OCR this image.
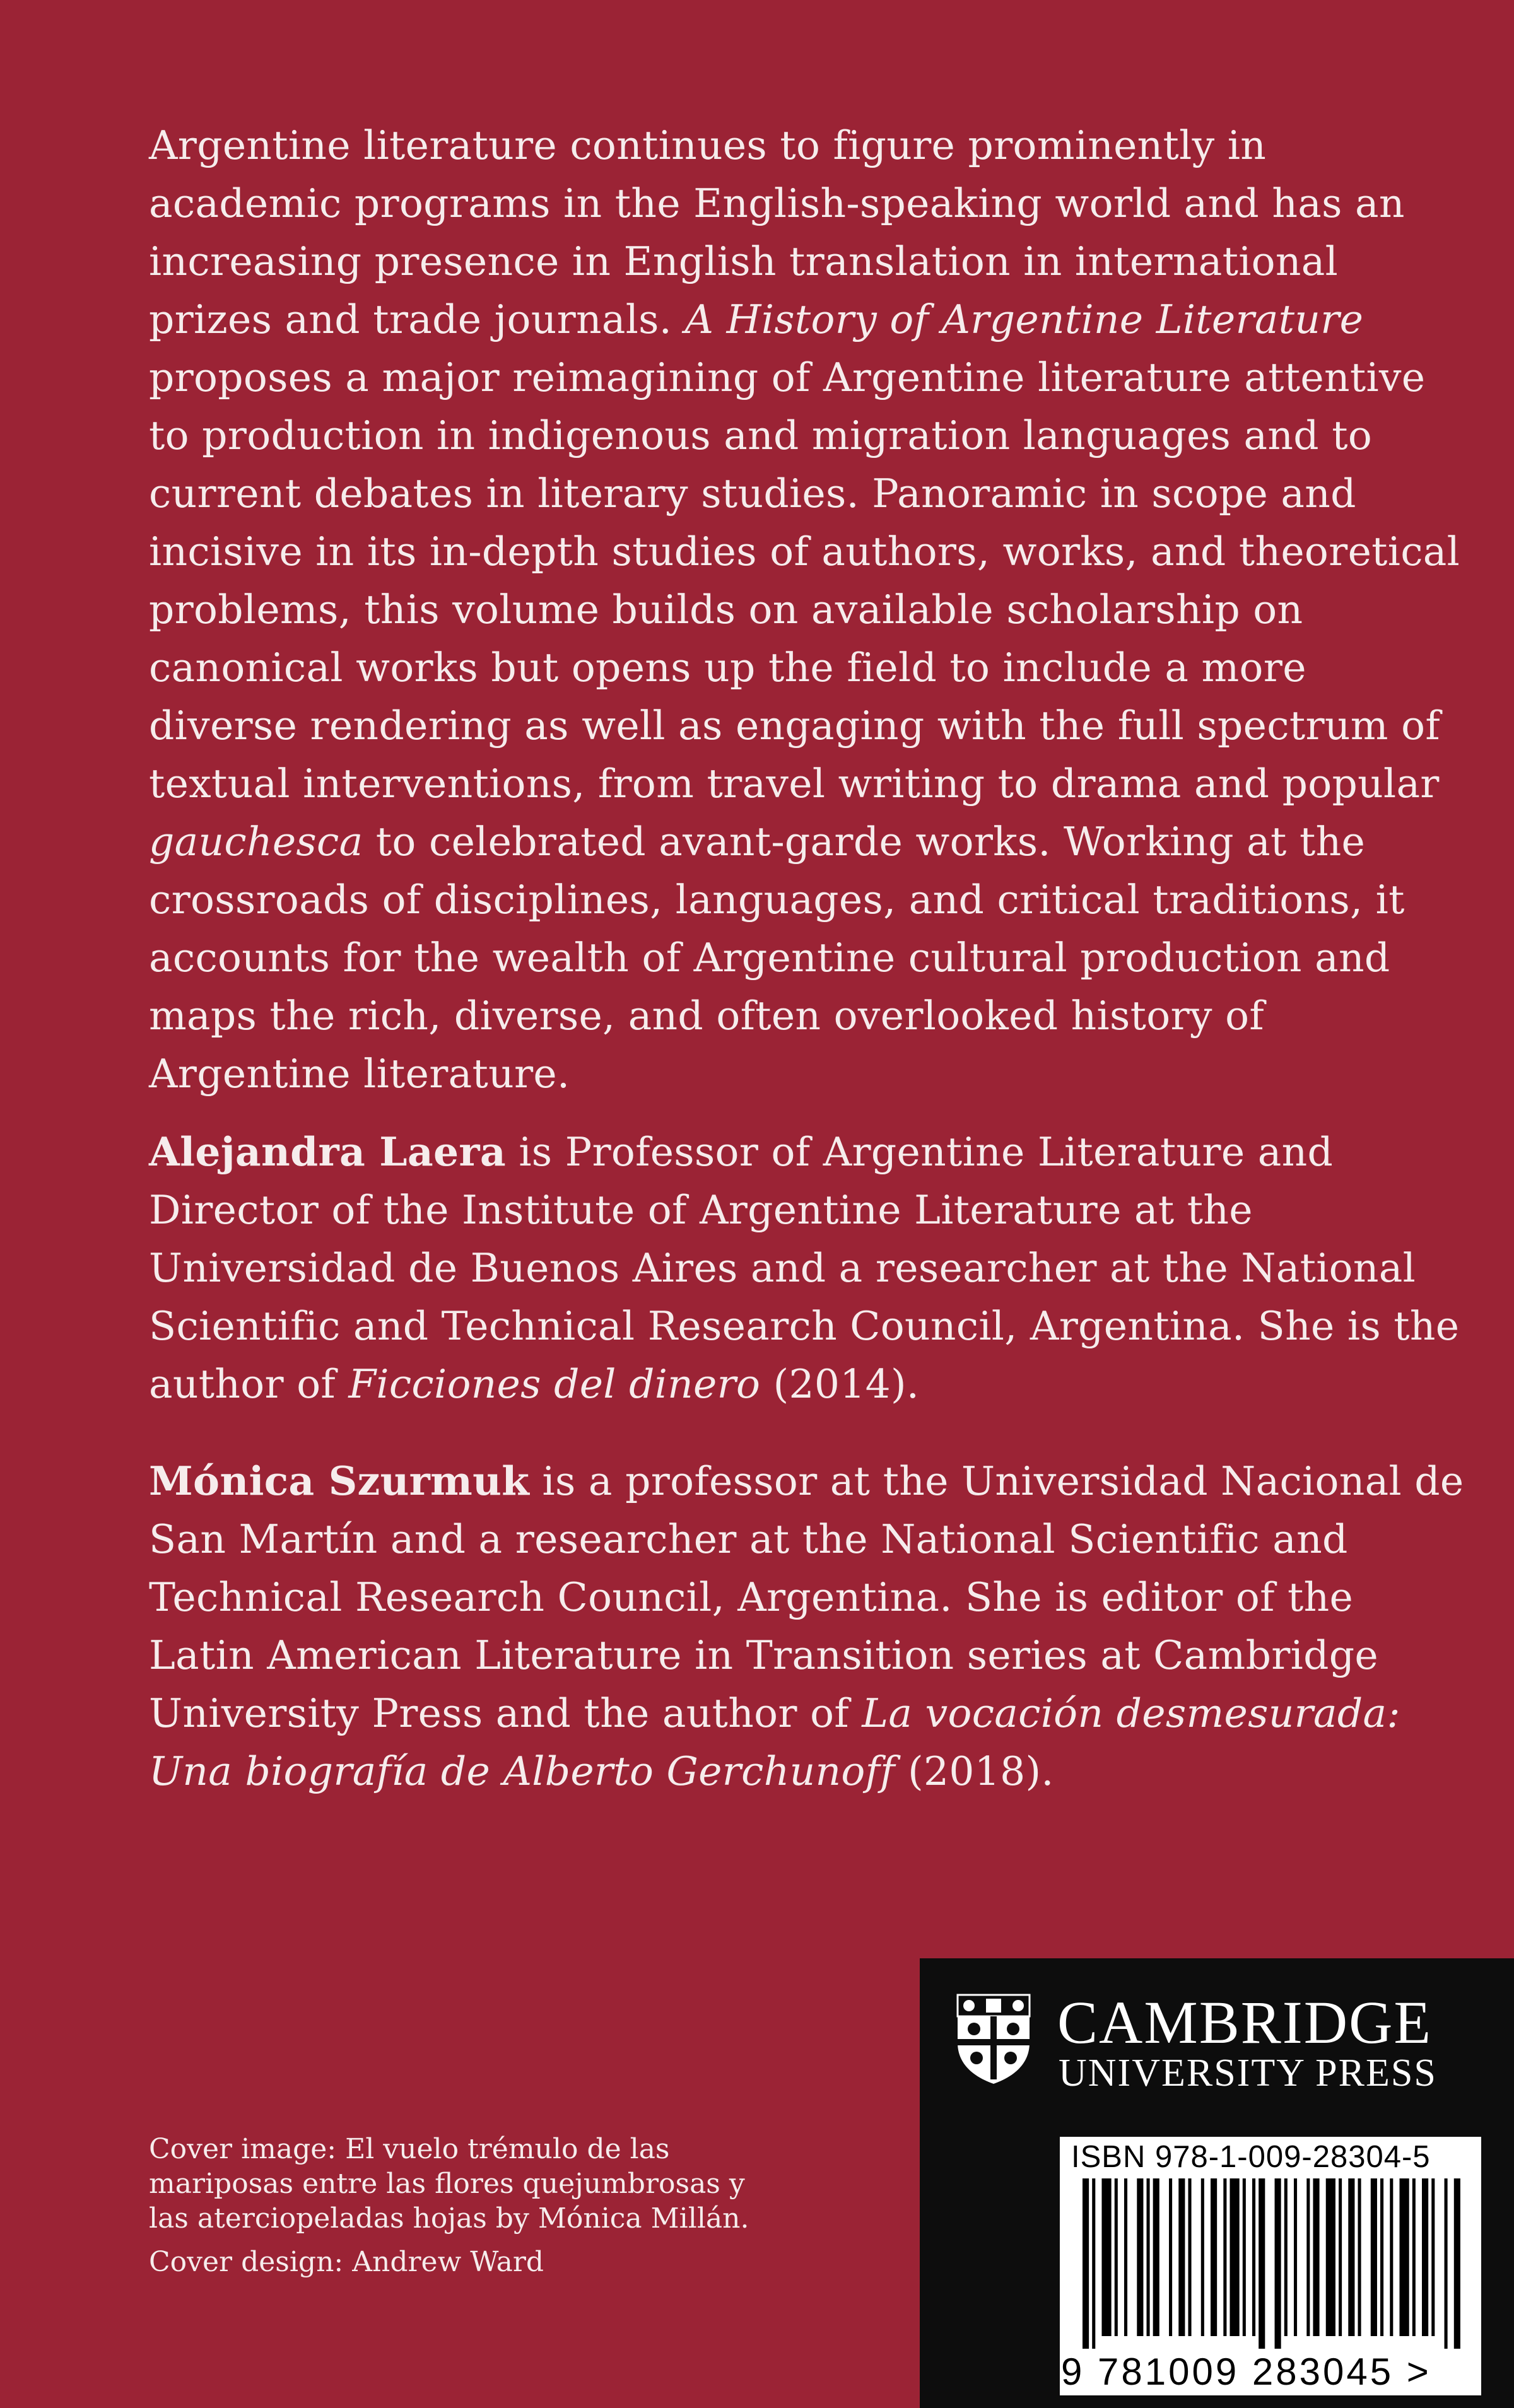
Argentine literature continues to figure prominently in academic programs in the English-speaking world and has an increasing presence in English translation in international prizes and trade journals. A History of Argentine Literature proposes a major reimagining of Argentine literature attentive to production in indigenous and migration languages and to current debates in literary studies. Panoramic in scope and incisive in its in-depth studies of authors, works, and theoretical problems, this volume builds on available scholarship on canonical works but opens up the field to include a more diverse rendering as well as engaging with the full spectrum of textual interventions, from travel writing to drama and popular gauchesca to celebrated avant-garde works. Working at the crossroads of disciplines, languages, and critical traditions, it accounts for the wealth of Argentine cultural production and maps the rich, diverse, and often overlooked history of Argentine literature.

Alejandra Laera is Professor of Argentine Literature and Director of the Institute of Argentine Literature at the Universidad de Buenos Aires and a researcher at the National Scientific and Technical Research Council, Argentina. She is the author of Ficciones del dinero (2014).

Mónica Szurmuk is a professor at the Universidad Nacional de San Martín and a researcher at the National Scientific and Technical Research Council, Argentina. She is editor of the Latin American Literature in Transition series at Cambridge University Press and the author of La vocación desmesurada: Una biografía de Alberto Gerchunoff (2018).

Cover image: El vuelo trémulo de las mariposas entre las flores quejumbrosas y las aterciopeladas hojas by Mónica Millán.

Cover design: Andrew Ward

CAMBRIDGE
UNIVERSITY PRESS
ISBN 978-1-009-28304-5
9 781009 283045 >
